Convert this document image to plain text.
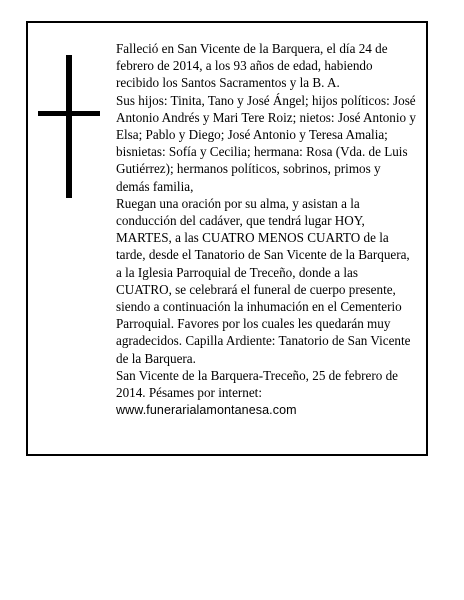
Falleció en San Vicente de la Barquera, el día 24 de febrero de 2014, a los 93 años de edad, habiendo recibido los Santos Sacramentos y la B. A.

Sus hijos: Tinita, Tano y José Ángel; hijos políticos: José Antonio Andrés y Mari Tere Roiz; nietos: José Antonio y Elsa; Pablo y Diego; José Antonio y Teresa Amalia; bisnietas: Sofía y Cecilia; hermana: Rosa (Vda. de Luis Gutiérrez); hermanos políticos, sobrinos, primos y demás familia,

Ruegan una oración por su alma, y asistan a la conducción del cadáver, que tendrá lugar HOY, MARTES, a las CUATRO MENOS CUARTO de la tarde, desde el Tanatorio de San Vicente de la Barquera, a la Iglesia Parroquial de Treceño, donde a las CUATRO, se celebrará el funeral de cuerpo presente, siendo a continuación la inhumación en el Cementerio Parroquial. Favores por los cuales les quedarán muy agradecidos. Capilla Ardiente: Tanatorio de San Vicente de la Barquera.

San Vicente de la Barquera-Treceño, 25 de febrero de 2014. Pésames por internet:
www.funerarialamontanesa.com
